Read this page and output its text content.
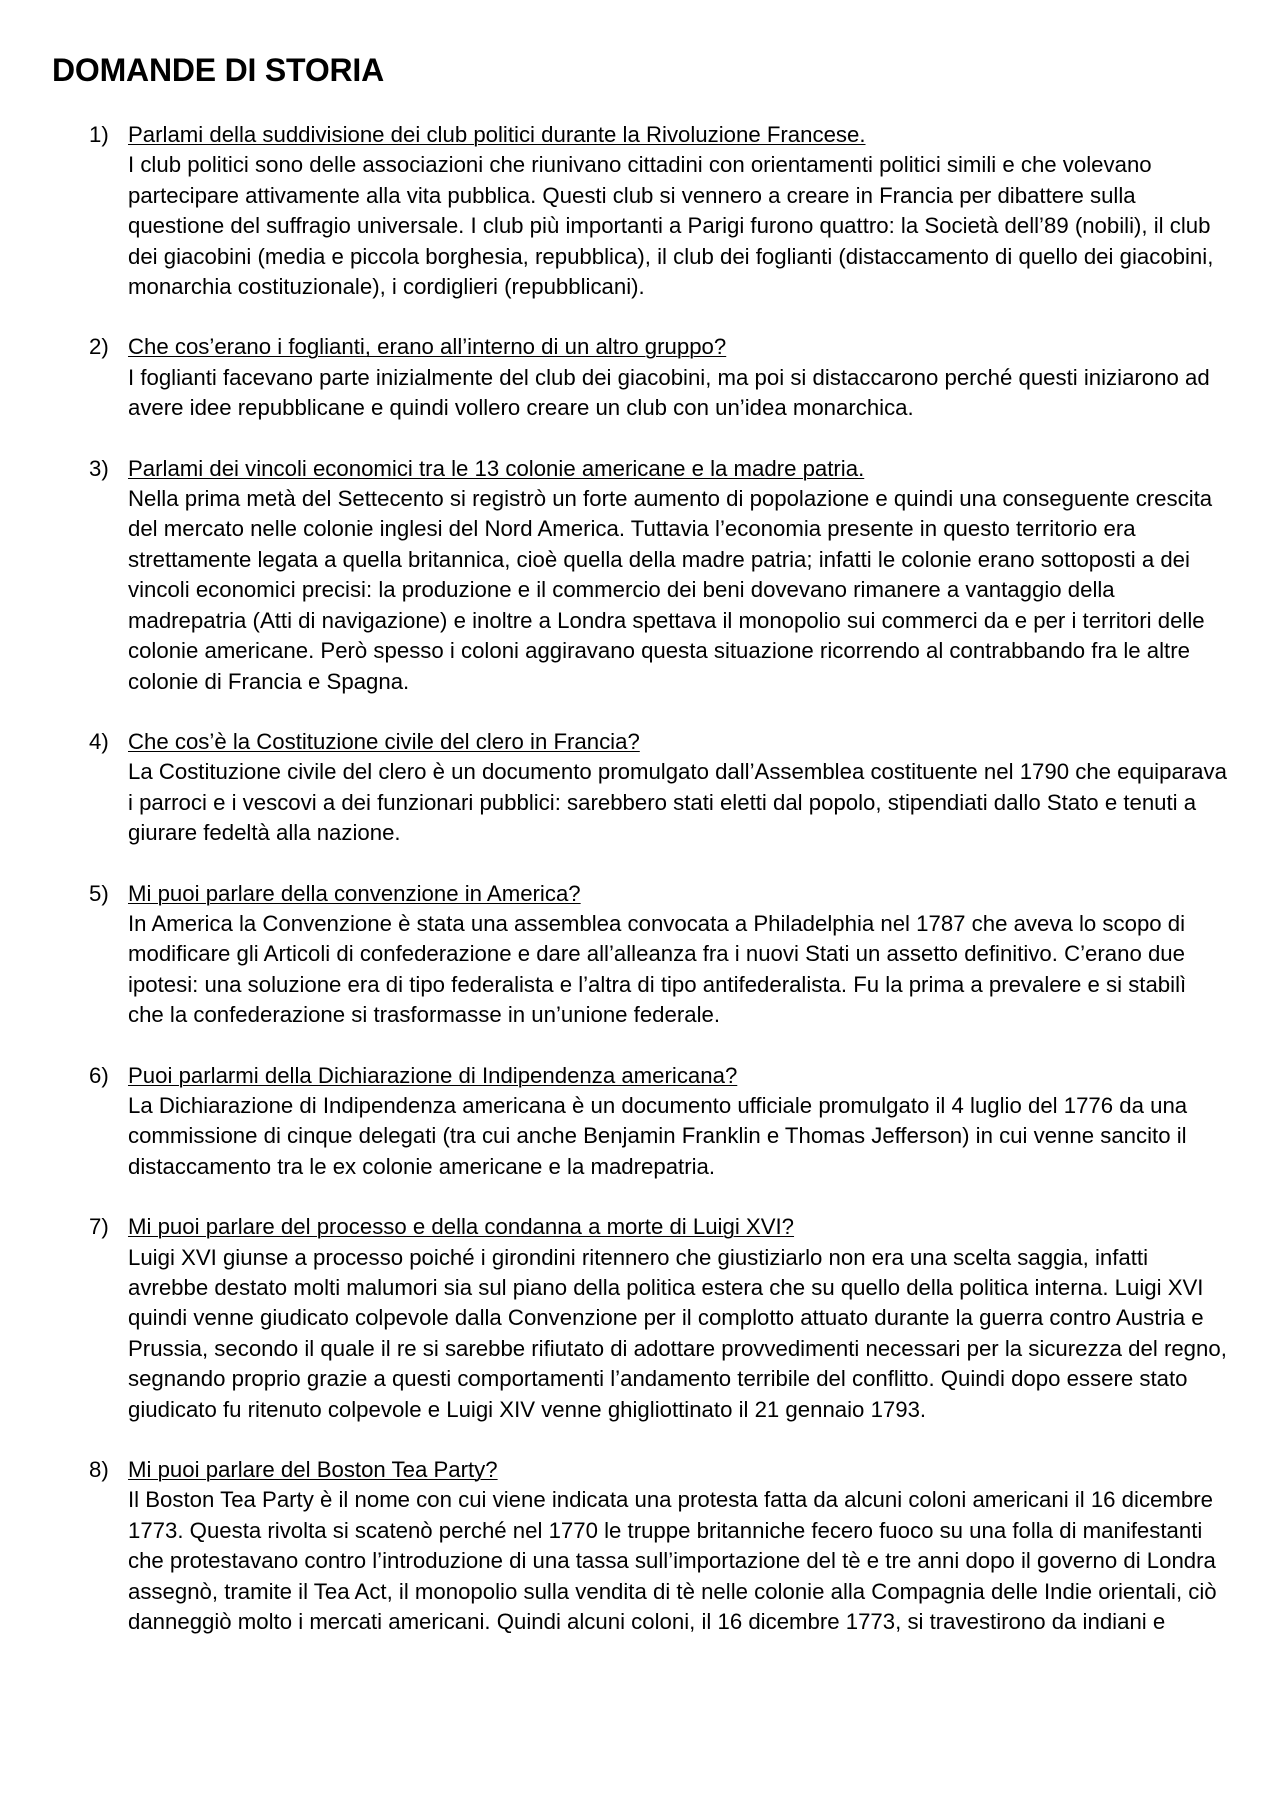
DOMANDE DI STORIA
1) Parlami della suddivisione dei club politici durante la Rivoluzione Francese.
I club politici sono delle associazioni che riunivano cittadini con orientamenti politici simili e che volevano partecipare attivamente alla vita pubblica. Questi club si vennero a creare in Francia per dibattere sulla questione del suffragio universale. I club più importanti a Parigi furono quattro: la Società dell’89 (nobili), il club dei giacobini (media e piccola borghesia, repubblica), il club dei foglianti (distaccamento di quello dei giacobini, monarchia costituzionale), i cordiglieri (repubblicani).
2) Che cos’erano i foglianti, erano all’interno di un altro gruppo?
I foglianti facevano parte inizialmente del club dei giacobini, ma poi si distaccarono perché questi iniziarono ad avere idee repubblicane e quindi vollero creare un club con un’idea monarchica.
3) Parlami dei vincoli economici tra le 13 colonie americane e la madre patria.
Nella prima metà del Settecento si registrò un forte aumento di popolazione e quindi una conseguente crescita del mercato nelle colonie inglesi del Nord America. Tuttavia l’economia presente in questo territorio era strettamente legata a quella britannica, cioè quella della madre patria; infatti le colonie erano sottoposti a dei vincoli economici precisi: la produzione e il commercio dei beni dovevano rimanere a vantaggio della madrepatria (Atti di navigazione) e inoltre a Londra spettava il monopolio sui commerci da e per i territori delle colonie americane. Però spesso i coloni aggiravano questa situazione ricorrendo al contrabbando fra le altre colonie di Francia e Spagna.
4) Che cos’è la Costituzione civile del clero in Francia?
La Costituzione civile del clero è un documento promulgato dall’Assemblea costituente nel 1790 che equiparava i parroci e i vescovi a dei funzionari pubblici: sarebbero stati eletti dal popolo, stipendiati dallo Stato e tenuti a giurare fedeltà alla nazione.
5) Mi puoi parlare della convenzione in America?
In America la Convenzione è stata una assemblea convocata a Philadelphia nel 1787 che aveva lo scopo di modificare gli Articoli di confederazione e dare all’alleanza fra i nuovi Stati un assetto definitivo. C’erano due ipotesi: una soluzione era di tipo federalista e l’altra di tipo antifederalista. Fu la prima a prevalere e si stabilì che la confederazione si trasformasse in un’unione federale.
6) Puoi parlarmi della Dichiarazione di Indipendenza americana?
La Dichiarazione di Indipendenza americana è un documento ufficiale promulgato il 4 luglio del 1776 da una commissione di cinque delegati (tra cui anche Benjamin Franklin e Thomas Jefferson) in cui venne sancito il distaccamento tra le ex colonie americane e la madrepatria.
7) Mi puoi parlare del processo e della condanna a morte di Luigi XVI?
Luigi XVI giunse a processo poiché i girondini ritennero che giustiziarlo non era una scelta saggia, infatti avrebbe destato molti malumori sia sul piano della politica estera che su quello della politica interna. Luigi XVI quindi venne giudicato colpevole dalla Convenzione per il complotto attuato durante la guerra contro Austria e Prussia, secondo il quale il re si sarebbe rifiutato di adottare provvedimenti necessari per la sicurezza del regno, segnando proprio grazie a questi comportamenti l’andamento terribile del conflitto. Quindi dopo essere stato giudicato fu ritenuto colpevole e Luigi XIV venne ghigliottinato il 21 gennaio 1793.
8) Mi puoi parlare del Boston Tea Party?
Il Boston Tea Party è il nome con cui viene indicata una protesta fatta da alcuni coloni americani il 16 dicembre 1773. Questa rivolta si scatenò perché nel 1770 le truppe britanniche fecero fuoco su una folla di manifestanti che protestavano contro l’introduzione di una tassa sull’importazione del tè e tre anni dopo il governo di Londra assegnò, tramite il Tea Act, il monopolio sulla vendita di tè nelle colonie alla Compagnia delle Indie orientali, ciò danneggiò molto i mercati americani. Quindi alcuni coloni, il 16 dicembre 1773, si travestirono da indiani e
